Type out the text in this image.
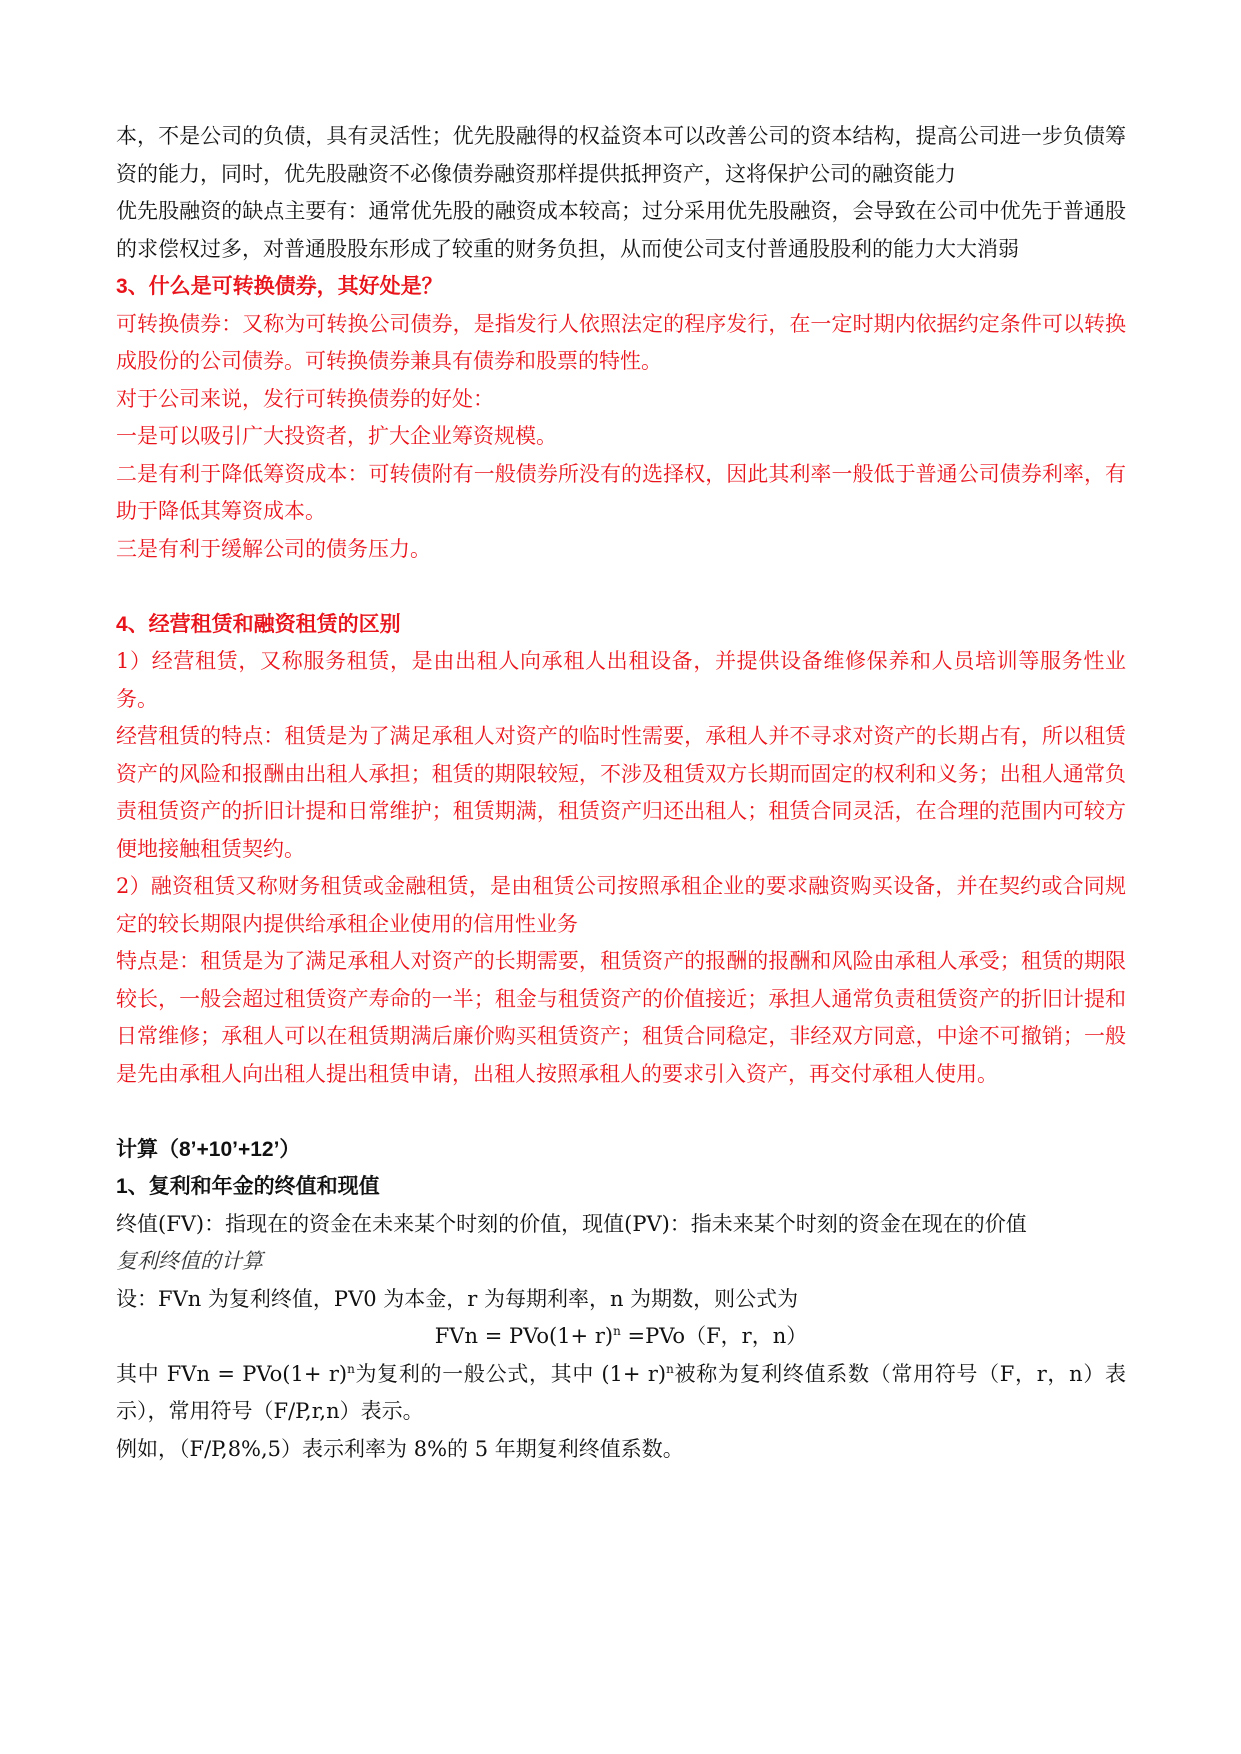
本，不是公司的负债，具有灵活性；优先股融得的权益资本可以改善公司的资本结构，提高公司进一步负债筹资的能力，同时，优先股融资不必像债券融资那样提供抵押资产，这将保护公司的融资能力

优先股融资的缺点主要有：通常优先股的融资成本较高；过分采用优先股融资，会导致在公司中优先于普通股的求偿权过多，对普通股股东形成了较重的财务负担，从而使公司支付普通股股利的能力大大消弱

3、什么是可转换债券，其好处是？

可转换债券：又称为可转换公司债券，是指发行人依照法定的程序发行，在一定时期内依据约定条件可以转换成股份的公司债券。可转换债券兼具有债券和股票的特性。

对于公司来说，发行可转换债券的好处：

一是可以吸引广大投资者，扩大企业筹资规模。

二是有利于降低筹资成本：可转债附有一般债券所没有的选择权，因此其利率一般低于普通公司债券利率，有助于降低其筹资成本。

三是有利于缓解公司的债务压力。

4、经营租赁和融资租赁的区别

1）经营租赁，又称服务租赁，是由出租人向承租人出租设备，并提供设备维修保养和人员培训等服务性业务。

经营租赁的特点：租赁是为了满足承租人对资产的临时性需要，承租人并不寻求对资产的长期占有，所以租赁资产的风险和报酬由出租人承担；租赁的期限较短，不涉及租赁双方长期而固定的权利和义务；出租人通常负责租赁资产的折旧计提和日常维护；租赁期满，租赁资产归还出租人；租赁合同灵活，在合理的范围内可较方便地接触租赁契约。

2）融资租赁又称财务租赁或金融租赁，是由租赁公司按照承租企业的要求融资购买设备，并在契约或合同规定的较长期限内提供给承租企业使用的信用性业务

特点是：租赁是为了满足承租人对资产的长期需要，租赁资产的报酬的报酬和风险由承租人承受；租赁的期限较长，一般会超过租赁资产寿命的一半；租金与租赁资产的价值接近；承担人通常负责租赁资产的折旧计提和日常维修；承租人可以在租赁期满后廉价购买租赁资产；租赁合同稳定，非经双方同意，中途不可撤销；一般是先由承租人向出租人提出租赁申请，出租人按照承租人的要求引入资产，再交付承租人使用。

计算（8’+10’+12’）

1、复利和年金的终值和现值

终值(FV)：指现在的资金在未来某个时刻的价值，现值(PV)：指未来某个时刻的资金在现在的价值

复利终值的计算

设：FVn 为复利终值，PV0 为本金，r 为每期利率，n 为期数，则公式为

FVn = $PVo(1+ r)^n =PVo(F$，r，n）

其中 FVn = $PVo(1+ r)^n$为复利的一般公式，其中 $(1+ r)^n$被称为复利终值系数（常用符号（F，r，n）表示），常用符号（F/P,r,n）表示。

例如，（F/P,8%,5）表示利率为 8%的 5 年期复利终值系数。
